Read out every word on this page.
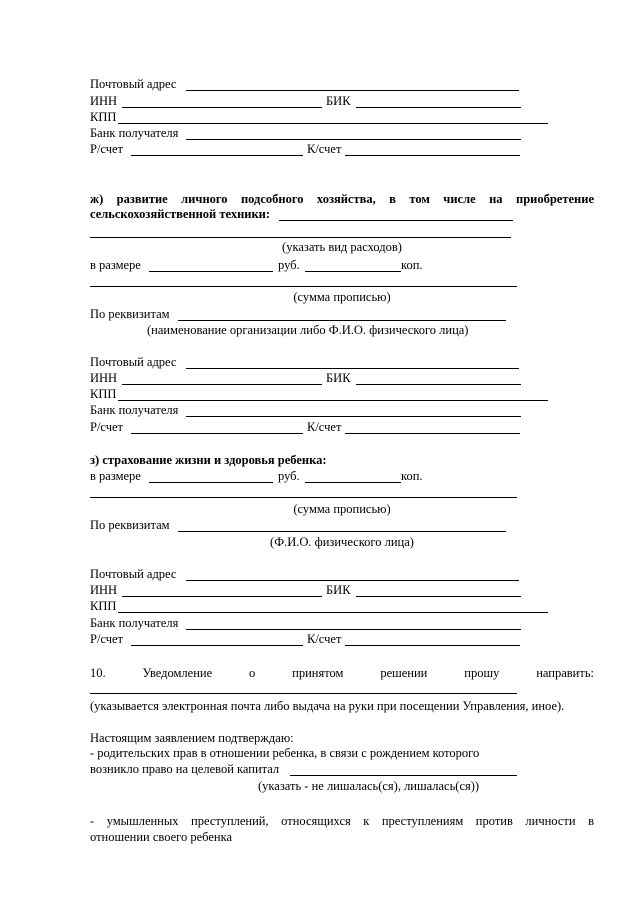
Почтовый адрес
ИНН	БИК
КПП
Банк получателя
Р/счет	К/счет
ж) развитие личного подсобного хозяйства, в том числе на приобретение
сельскохозяйственной техники:
(указать вид расходов)
в размере	руб.	коп.
(сумма прописью)
По реквизитам
(наименование организации либо Ф.И.О. физического лица)
Почтовый адрес
ИНН	БИК
КПП
Банк получателя
Р/счет	К/счет
з) страхование жизни и здоровья ребенка:
в размере	руб.	коп.
(сумма прописью)
По реквизитам
(Ф.И.О. физического лица)
Почтовый адрес
ИНН	БИК
КПП
Банк получателя
Р/счет	К/счет
10.	Уведомление	о	принятом	решении	прошу	направить:
(указывается электронная почта либо выдача на руки при посещении Управления, иное).
Настоящим заявлением подтверждаю:
- родительских прав в отношении ребенка, в связи с рождением которого
возникло право на целевой капитал
(указать - не лишалась(ся), лишалась(ся))
- умышленных преступлений, относящихся к преступлениям против личности в
отношении своего ребенка
